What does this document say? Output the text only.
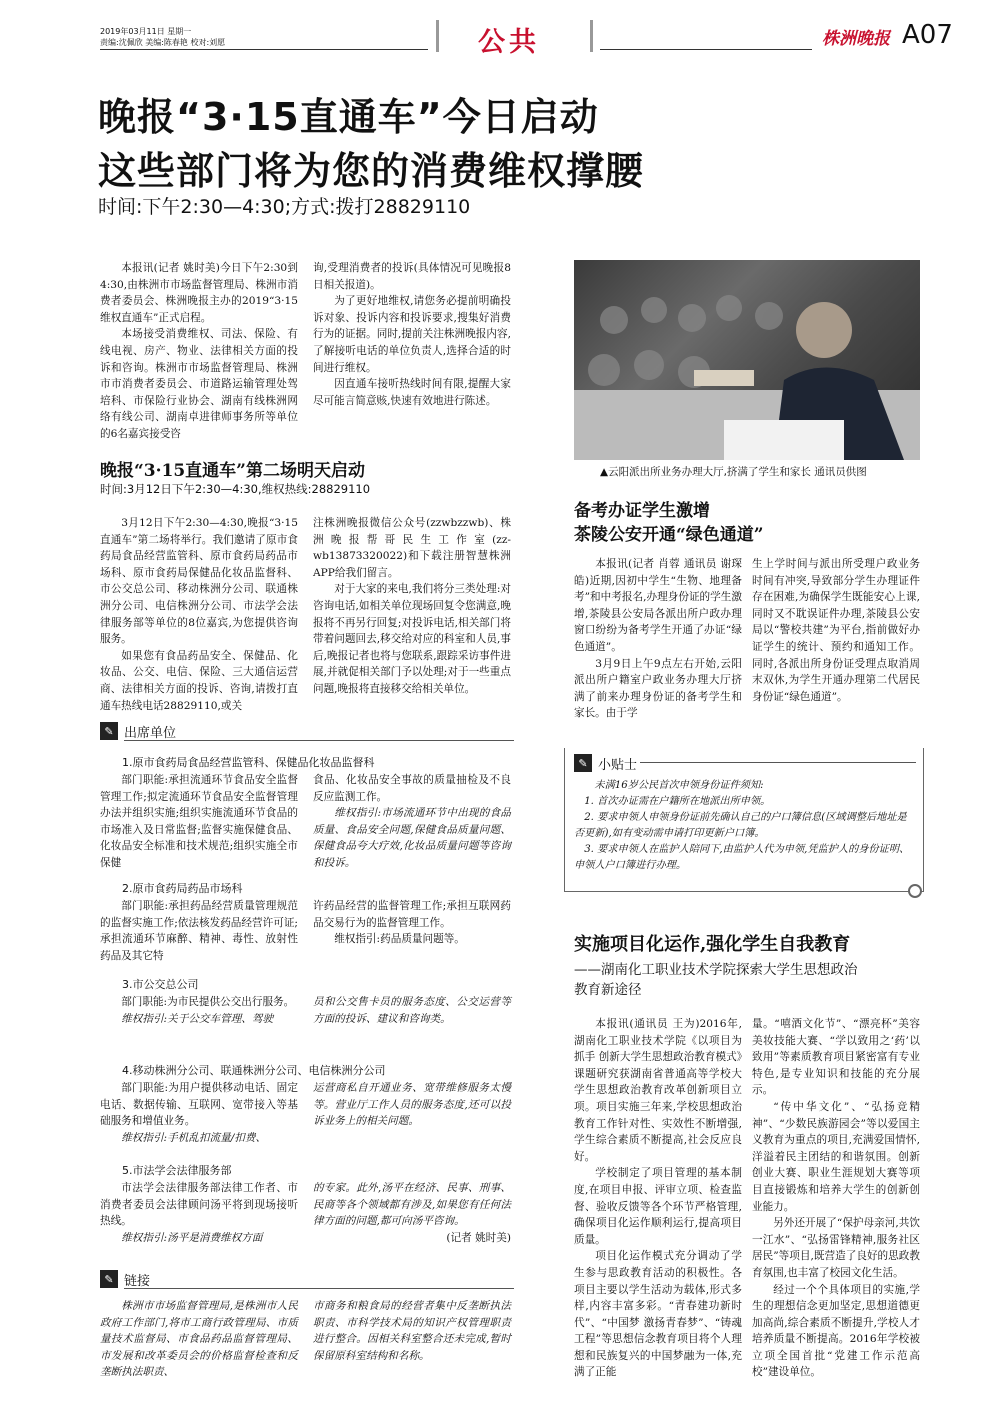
2019年03月11日 星期一
责编:沈佩欣 美编:陈春艳 校对:刘愿	公共	株洲晚报 A07
晚报“3·15直通车”今日启动
这些部门将为您的消费维权撑腰
时间:下午2:30—4:30;方式:拨打28829110

本报讯(记者 姚时美)今日下午2:30到4:30,由株洲市市场监督管理局、株洲市消费者委员会、株洲晚报主办的2019“3·15维权直通车”正式启程。

本场接受消费维权、司法、保险、有线电视、房产、物业、法律相关方面的投诉和咨询。株洲市市场监督管理局、株洲市市消费者委员会、市道路运输管理处驾培科、市保险行业协会、湖南有线株洲网络有线公司、湖南卓进律师事务所等单位的6名嘉宾接受咨

询,受理消费者的投诉(具体情况可见晚报8日相关报道)。

为了更好地维权,请您务必提前明确投诉对象、投诉内容和投诉要求,搜集好消费行为的证据。同时,提前关注株洲晚报内容,了解接听电话的单位负责人,选择合适的时间进行维权。

因直通车接听热线时间有限,提醒大家尽可能言简意赅,快速有效地进行陈述。

晚报“3·15直通车”第二场明天启动
时间:3月12日下午2:30—4:30,维权热线:28829110

3月12日下午2:30—4:30,晚报“3·15直通车”第二场将举行。我们邀请了原市食药局食品经营监管科、原市食药局药品市场科、原市食药局保健品化妆品监督科、市公交总公司、移动株洲分公司、联通株洲分公司、电信株洲分公司、市法学会法律服务部等单位的8位嘉宾,为您提供咨询服务。

如果您有食品药品安全、保健品、化妆品、公交、电信、保险、三大通信运营商、法律相关方面的投诉、咨询,请拨打直通车热线电话28829110,或关

注株洲晚报微信公众号(zzwbzzwb)、株洲晚报帮哥民生工作室(zz-wb13873320022)和下载注册智慧株洲APP给我们留言。

对于大家的来电,我们将分三类处理:对咨询电话,如相关单位现场回复令您满意,晚报将不再另行回复;对投诉电话,相关部门将带着问题回去,移交给对应的科室和人员,事后,晚报记者也将与您联系,跟踪采访事件进展,并就促相关部门予以处理;对于一些重点问题,晚报将直接移交给相关单位。

✎ 出席单位
1.原市食药局食品经营监管科、保健品化妆品监督科

部门职能:承担流通环节食品安全监督管理工作;拟定流通环节食品安全监督管理办法并组织实施;组织实施流通环节食品的市场准入及日常监督;监督实施保健食品、化妆品安全标准和技术规范;组织实施全市保健

食品、化妆品安全事故的质量抽检及不良反应监测工作。

维权指引:市场流通环节中出现的食品质量、食品安全问题,保健食品质量问题、保健食品夸大疗效,化妆品质量问题等咨询和投诉。

2.原市食药局药品市场科

部门职能:承担药品经营质量管理规范的监督实施工作;依法核发药品经营许可证;承担流通环节麻醉、精神、毒性、放射性药品及其它特

许药品经营的监督管理工作;承担互联网药品交易行为的监督管理工作。

维权指引:药品质量问题等。

3.市公交总公司

部门职能:为市民提供公交出行服务。

维权指引:关于公交车管理、驾驶

员和公交售卡员的服务态度、公交运营等方面的投诉、建议和咨询类。

4.移动株洲分公司、联通株洲分公司、电信株洲分公司

部门职能:为用户提供移动电话、固定电话、数据传输、互联网、宽带接入等基础服务和增值业务。

维权指引:手机乱扣流量/扣费、

运营商私自开通业务、宽带维修服务太慢等。营业厅工作人员的服务态度,还可以投诉业务上的相关问题。

5.市法学会法律服务部

市法学会法律服务部法律工作者、市消费者委员会法律顾问汤平将到现场接听热线。

维权指引:汤平是消费维权方面

的专家。此外,汤平在经济、民事、刑事、民商等各个领域都有涉及,如果您有任何法律方面的问题,都可向汤平咨询。

(记者 姚时美)

✎ 链接

株洲市市场监督管理局,是株洲市人民政府工作部门,将市工商行政管理局、市质量技术监督局、市食品药品监督管理局、市发展和改革委员会的价格监督检查和反垄断执法职责、

市商务和粮食局的经营者集中反垄断执法职责、市科学技术局的知识产权管理职责进行整合。因相关科室整合还未完成,暂时保留原科室结构和名称。

▲云阳派出所业务办理大厅,挤满了学生和家长 通讯员供图
备考办证学生激增
茶陵公安开通“绿色通道”

本报讯(记者 肖蓉 通讯员 谢琛皓)近期,因初中学生“生物、地理备考”和中考报名,办理身份证的学生激增,茶陵县公安局各派出所户政办理窗口纷纷为备考学生开通了办证“绿色通道”。

3月9日上午9点左右开始,云阳派出所户籍室户政业务办理大厅挤满了前来办理身份证的备考学生和家长。由于学

生上学时间与派出所受理户政业务时间有冲突,导致部分学生办理证件存在困难,为确保学生既能安心上课,同时又不耽误证件办理,茶陵县公安局以“警校共建”为平台,指前做好办证学生的统计、预约和通知工作。同时,各派出所身份证受理点取消周末双休,为学生开通办理第二代居民身份证“绿色通道”。

✎ 小贴士

未满16岁公民首次申领身份证件须知:

1. 首次办证需在户籍所在地派出所申领。

2. 要求申领人申领身份证前先确认自己的户口簿信息(区域调整后地址是否更新),如有变动需申请打印更新户口簿。

3. 要求申领人在监护人陪同下,由监护人代为申领,凭监护人的身份证明、申领人户口簿进行办理。

实施项目化运作,强化学生自我教育
——湖南化工职业技术学院探索大学生思想政治
教育新途径

本报讯(通讯员 王为)2016年,湖南化工职业技术学院《以项目为抓手 创新大学生思想政治教育模式》课题研究获湖南省普通高等学校大学生思想政治教育改革创新项目立项。项目实施三年来,学校思想政治教育工作针对性、实效性不断增强,学生综合素质不断提高,社会反应良好。

学校制定了项目管理的基本制度,在项目申报、评审立项、检查监督、验收反馈等各个环节严格管理,确保项目化运作顺利运行,提高项目质量。

项目化运作模式充分调动了学生参与思政教育活动的积极性。各项目主要以学生活动为载体,形式多样,内容丰富多彩。“青春建功新时代”、“中国梦 激扬青春梦”、“铸魂工程”等思想信念教育项目将个人理想和民族复兴的中国梦融为一体,充满了正能

量。“嘻酒文化节”、“漂亮杯”美容美妆技能大赛、“学以致用之‘药’以致用”等素质教育项目紧密富有专业特色,是专业知识和技能的充分展示。

“传中华文化”、“弘扬竞精神”、“少数民族游园会”等以爱国主义教育为重点的项目,充满爱国情怀,洋溢着民主团结的和谐氛围。创新创业大赛、职业生涯规划大赛等项目直接锻炼和培养大学生的创新创业能力。

另外还开展了“保护母亲河,共饮一江水”、“弘扬雷锋精神,服务社区居民”等项目,既营造了良好的思政教育氛围,也丰富了校园文化生活。

经过一个个具体项目的实施,学生的理想信念更加坚定,思想道德更加高尚,综合素质不断提升,学校人才培养质量不断提高。2016年学校被立项全国首批“党建工作示范高校”建设单位。
